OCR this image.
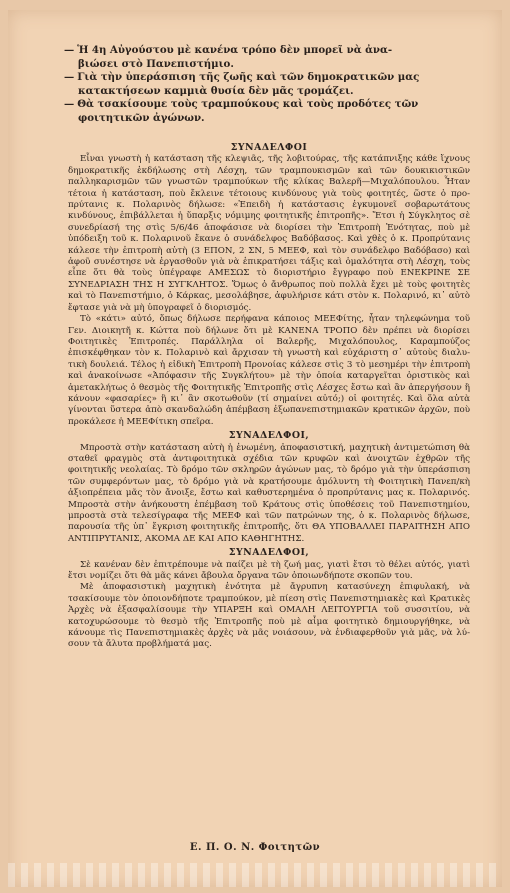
— Ἡ 4η Αὐγούστου μὲ κανένα τρόπο δὲν μπορεῖ νὰ ἀνα-
βιώσει στὸ Πανεπιστήμιο.

— Γιὰ τὴν ὑπεράσπιση τῆς ζωῆς καὶ τῶν δημοκρατικῶν μας
κατακτήσεων καμμιὰ θυσία δὲν μᾶς τρομάζει.

— Θὰ τσακίσουμε τοὺς τραμπούκους καὶ τοὺς προδότες τῶν
φοιτητικῶν ἀγώνων.

ΣΥΝΑΔΕΛΦΟΙ

Εἶναι γνωστὴ ἡ κατάσταση τῆς κλεψιᾶς, τῆς λοβιτούρας, τῆς κατάπνιξης κάθε ἴχνους δημοκρατικῆς ἐκδήλωσης στὴ Λέσχη, τῶν τραμπουκισμῶν καὶ τῶν δουκικιστικῶν παλληκαρισμῶν τῶν γνωστῶν τραμπούκων τῆς κλίκας Βαλερῆ—Μιχαλόπουλου. Ἦταν τέτοια ἡ κατάσταση, ποὺ ἔκλεινε τέτοιους κινδύνους γιὰ τοὺς φοιτητές, ὥστε ὁ προπρύτανις κ. Πολαρινὸς δήλωσε: «Ἐπειδὴ ἡ κατάστασις ἐγκυμονεῖ σοβαρωτάτους κινδύνους, ἐπιβάλλεται ἡ ὕπαρξις νόμιμης φοιτητικῆς ἐπιτροπῆς». Ἔτσι ἡ Σύγκλητος σὲ συνεδρίασή της στὶς 5/6/46 ἀποφάσισε νὰ διορίσει τὴν Ἐπιτροπὴ Ἑνότητας, ποὺ μὲ ὑπόδειξη τοῦ κ. Πολαρινοῦ ἔκανε ὁ συνάδελφος Βαδόβασος. Καὶ χθὲς ὁ κ. Προπρύτανις κάλεσε τὴν ἐπιτροπὴ αὐτὴ (3 ΕΠΟΝ, 2 ΣΝ, 5 ΜΕΕΦ, καὶ τὸν συνάδελφο Βαδόβασο) καὶ ἀφοῦ συνέστησε νὰ ἐργασθοῦν γιὰ νὰ ἐπικρατήσει τάξις καὶ ὁμαλότητα στὴ Λέσχη, τοὺς εἶπε ὅτι θὰ τοὺς ὑπέγραφε ΑΜΕΣΩΣ τὸ διοριστήριο ἔγγραφο ποὺ ΕΝΕΚΡΙΝΕ ΣΕ ΣΥΝΕΔΡΙΑΣΗ ΤΗΣ Η ΣΥΓΚΛΗΤΟΣ. Ὅμως ὁ ἄνθρωπος ποὺ πολλὰ ἔχει μὲ τοὺς φοιτητὲς καὶ τὸ Πανεπιστήμιο, ὁ Κάρκας, μεσολάβησε, ἀφυλήρισε κάτι στὸν κ. Πολαρινό, κι᾿ αὐτὸ ἔφτασε γιὰ νὰ μὴ ὑπογραφεῖ ὁ διορισμός.

Τὸ «κάτι» αὐτό, ὅπως δήλωσε περήφανα κάποιος ΜΕΕΦίτης, ἦταν τηλεφώνημα τοῦ Γεν. Διοικητῆ κ. Κώττα ποὺ δήλωνε ὅτι μὲ ΚΑΝΕΝΑ ΤΡΟΠΟ δὲν πρέπει νὰ διορίσει Φοιτητικὲς Ἐπιτροπές. Παράλληλα οἱ Βαλερῆς, Μιχαλόπουλος, Καραμπούζος ἐπισκέφθηκαν τὸν κ. Πολαρινὸ καὶ ἄρχισαν τὴ γνωστὴ καὶ εὐχάριστη σ᾿ αὐτοὺς διαλυτικὴ δουλειά. Τέλος ἡ εἰδικὴ Ἐπιτροπὴ Προνοίας κάλεσε στὶς 3 τὸ μεσημέρι τὴν ἐπιτροπὴ καὶ ἀνακοίνωσε «Ἀπόφασιν τῆς Συγκλήτου» μὲ τὴν ὁποία καταργεῖται ὁριστικὸς καὶ ἀμετακλήτως ὁ θεσμὸς τῆς Φοιτητικῆς Ἐπιτροπῆς στὶς Λέσχες ἔστω καὶ ἂν ἀπεργήσουν ἢ κάνουν «φασαρίες» ἢ κι᾿ ἂν σκοτωθοῦν (τί σημαίνει αὐτό;) οἱ φοιτητές. Καὶ ὅλα αὐτὰ γίνονται ὕστερα ἀπὸ σκανδαλώδη ἀπέμβαση ἐξωπανεπιστημιακῶν κρατικῶν ἀρχῶν, ποὺ προκάλεσε ἡ ΜΕΕΦίτικη σπεῖρα.

ΣΥΝΑΔΕΛΦΟΙ,

Μπροστὰ στὴν κατάσταση αὐτὴ ἡ ἑνωμένη, ἀποφασιστική, μαχητικὴ ἀντιμετώπιση θὰ σταθεῖ φραγμὸς στὰ ἀντιφοιτητικὰ σχέδια τῶν κρυφῶν καὶ ἀνοιχτῶν ἐχθρῶν τῆς φοιτητικῆς νεολαίας. Τὸ δρόμο τῶν σκληρῶν ἀγώνων μας, τὸ δρόμο γιὰ τὴν ὑπεράσπιση τῶν συμφερόντων μας, τὸ δρόμο γιὰ νὰ κρατήσουμε ἀμόλυντη τὴ Φοιτητικὴ Πανεπ/κὴ ἀξιοπρέπεια μᾶς τὸν ἄνοιξε, ἔστω καὶ καθυστερημένα ὁ προπρύτανις μας κ. Πολαρινός. Μπροστὰ στὴν ἀνήκουστη ἐπέμβαση τοῦ Κράτους στὶς ὑποθέσεις τοῦ Πανεπιστημίου, μπροστὰ στὰ τελεσίγραφα τῆς ΜΕΕΦ καὶ τῶν πατρώνων της, ὁ κ. Πολαρινὸς δήλωσε, παρουσία τῆς ὑπ᾿ ἔγκριση φοιτητικῆς ἐπιτροπῆς, ὅτι ΘΑ ΥΠΟΒΑΛΛΕΙ ΠΑΡΑΙΤΗΣΗ ΑΠΟ ΑΝΤΙΠΡΥΤΑΝΙΣ, ΑΚΟΜΑ ΔΕ ΚΑΙ ΑΠΟ ΚΑΘΗΓΗΤΗΣ.

ΣΥΝΑΔΕΛΦΟΙ,

Σὲ κανέναν δὲν ἐπιτρέπουμε νὰ παίζει μὲ τὴ ζωή μας, γιατὶ ἔτσι τὸ θέλει αὐτός, γιατὶ ἔτσι νομίζει ὅτι θὰ μᾶς κάνει ἄβουλα ὄργανα τῶν ὁποιωνδήποτε σκοπῶν του.

Μὲ ἀποφασιστικὴ μαχητικὴ ἑνότητα μὲ ἄγρυπνη κατασύνεχη ἐπιφυλακή, νὰ τσακίσουμε τὸν ὁποιονδήποτε τραμπούκον, μὲ πίεση στὶς Πανεπιστημιακὲς καὶ Κρατικὲς Ἀρχὲς νὰ ἐξασφαλίσουμε τὴν ΥΠΑΡΞΗ καὶ ΟΜΑΛΗ ΛΕΙΤΟΥΡΓΙΑ τοῦ συσσιτίου, νὰ κατοχυρώσουμε τὸ θεσμὸ τῆς Ἐπιτροπῆς ποὺ μὲ αἷμα φοιτητικὸ δημιουργήθηκε, νὰ κάνουμε τὶς Πανεπιστημιακὲς ἀρχὲς νὰ μᾶς νοιάσουν, νὰ ἐνδιαφερθοῦν γιὰ μᾶς, νὰ λύσουν τὰ ἄλυτα προβλήματά μας.

Ε. Π. Ο. Ν. Φοιτητῶν
